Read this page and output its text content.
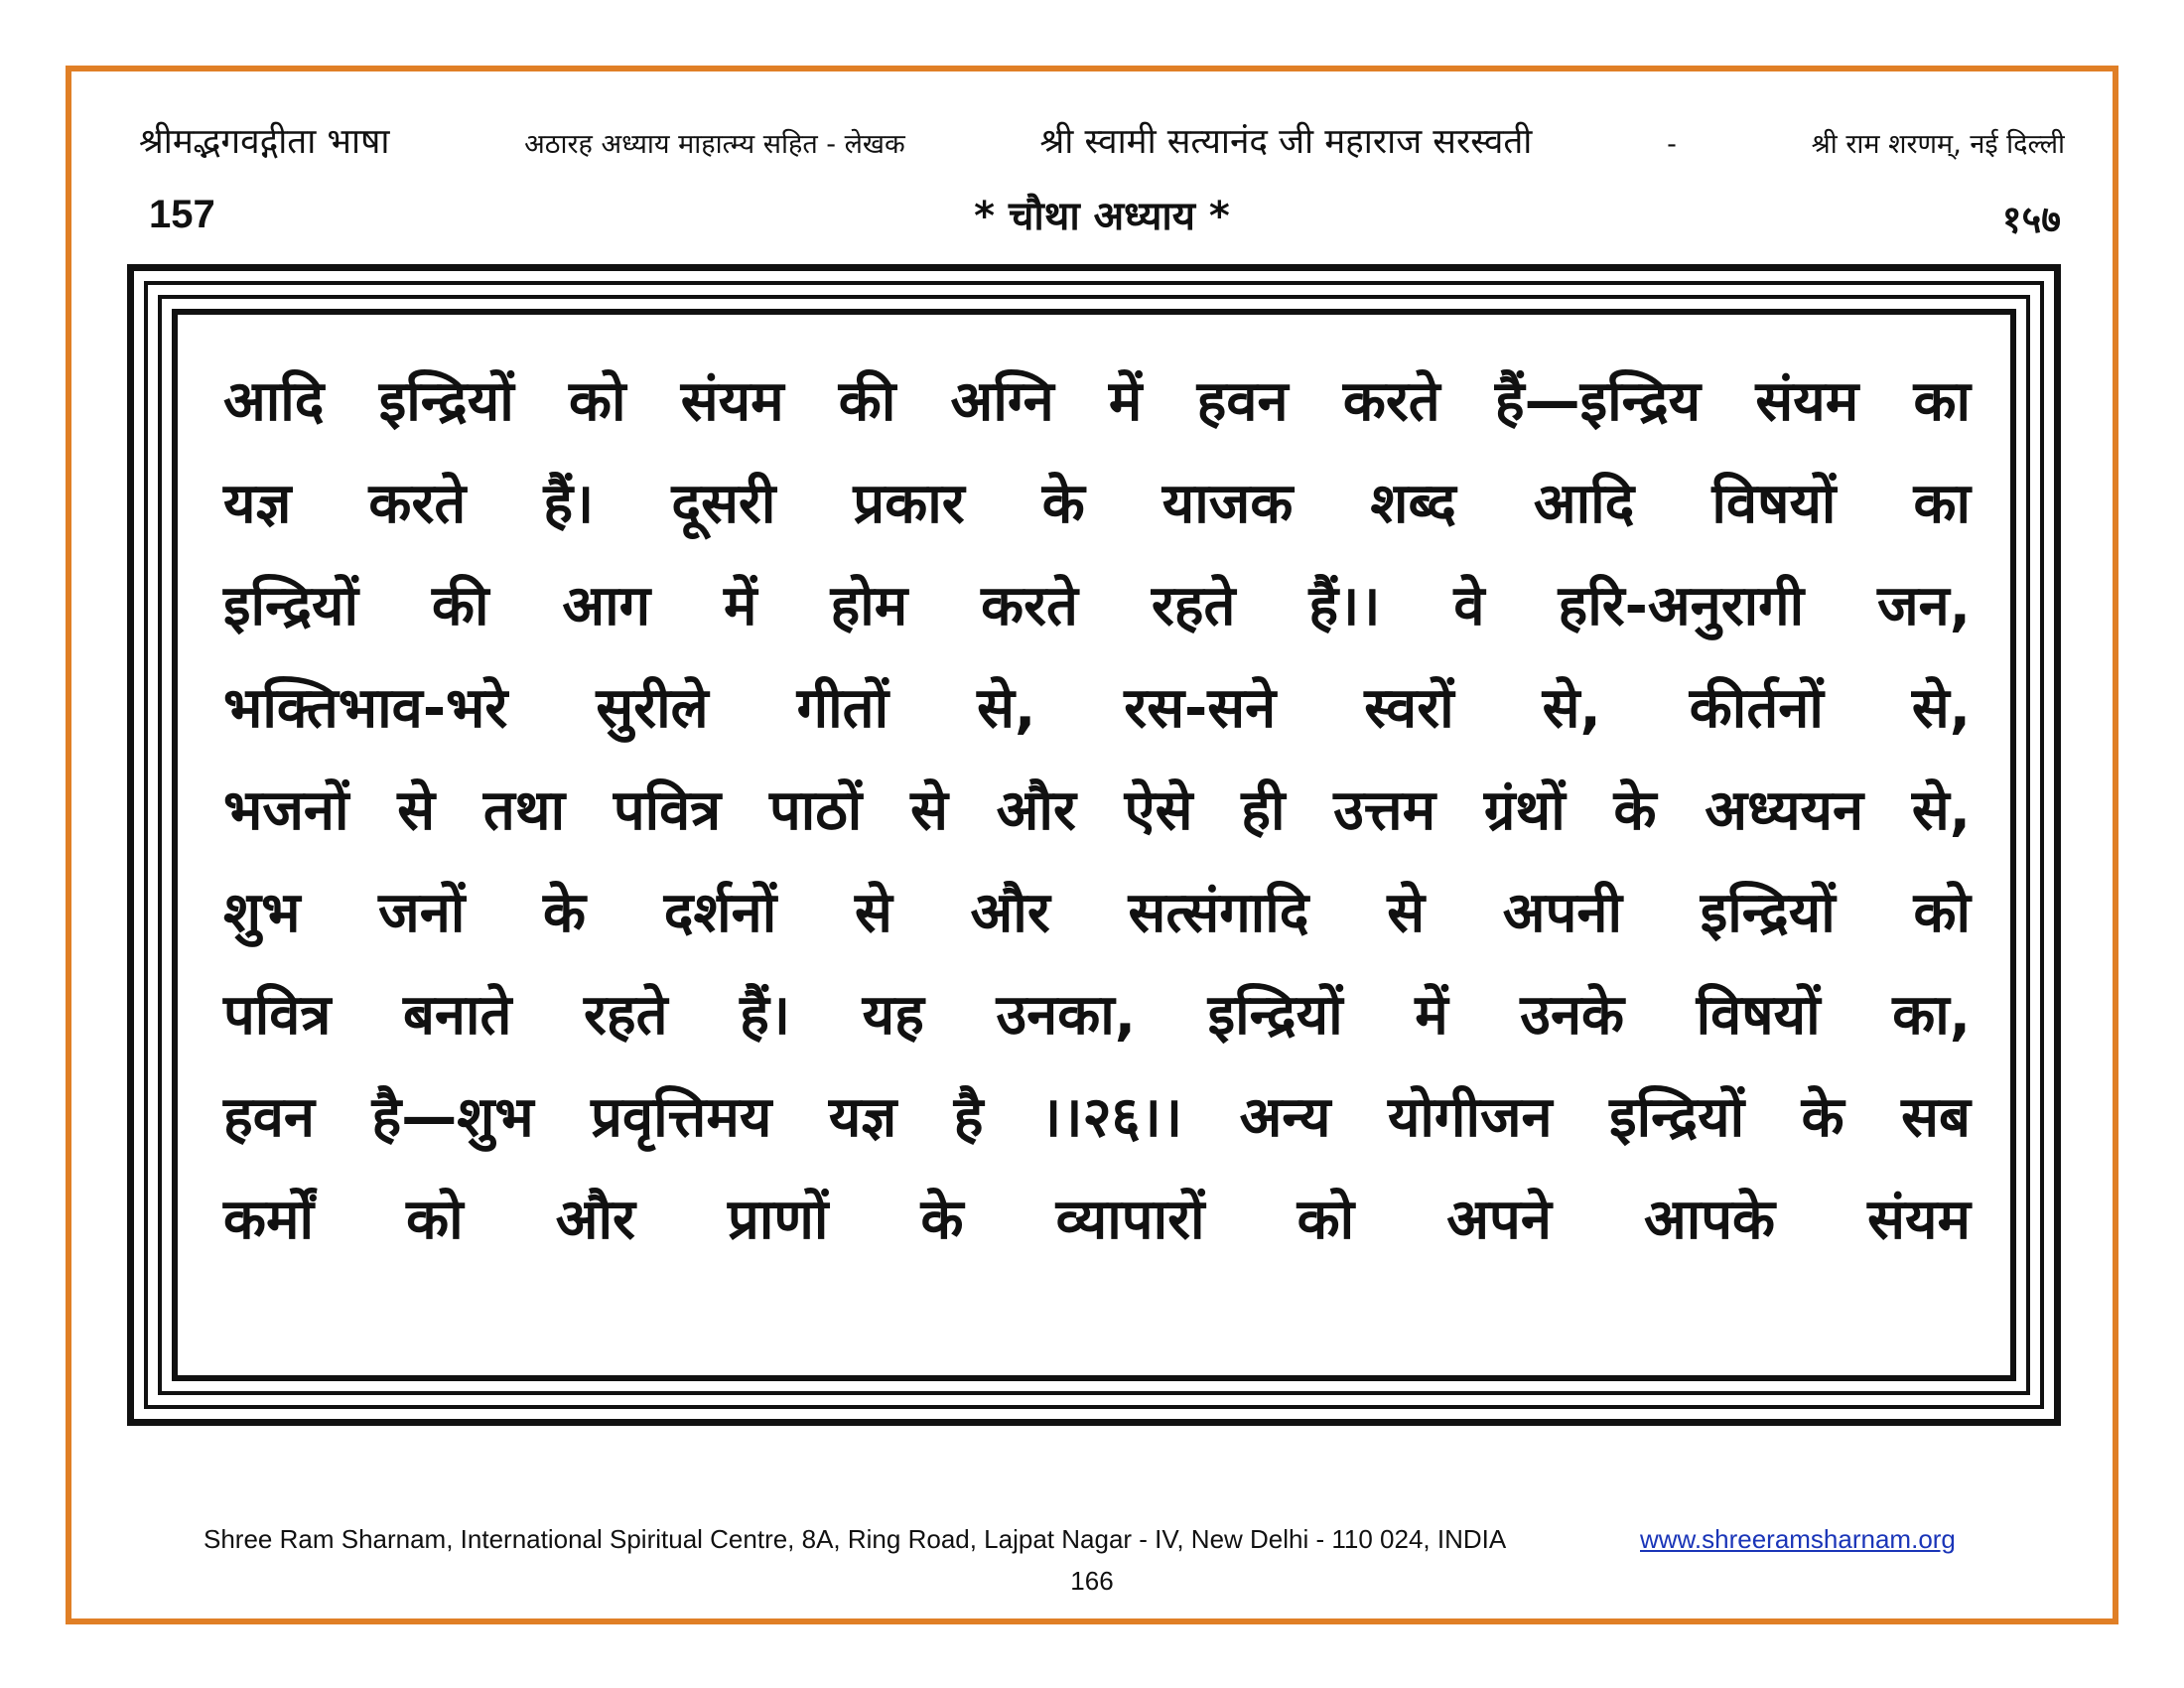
श्रीमद्भगवद्गीता भाषा	अठारह अध्याय माहात्म्य सहित - लेखक	श्री स्वामी सत्यानंद जी महाराज सरस्वती	-	श्री राम शरणम्, नई दिल्ली
157	* चौथा अध्याय *	१५७
आदि इन्द्रियों को संयम की अग्नि में हवन करते हैं—इन्द्रिय संयम का
यज्ञ करते हैं। दूसरी प्रकार के याजक शब्द आदि विषयों का
इन्द्रियों की आग में होम करते रहते हैं।। वे हरि-अनुरागी जन,
भक्तिभाव-भरे सुरीले गीतों से, रस-सने स्वरों से, कीर्तनों से,
भजनों से तथा पवित्र पाठों से और ऐसे ही उत्तम ग्रंथों के अध्ययन से,
शुभ जनों के दर्शनों से और सत्संगादि से अपनी इन्द्रियों को
पवित्र बनाते रहते हैं। यह उनका, इन्द्रियों में उनके विषयों का,
हवन है—शुभ प्रवृत्तिमय यज्ञ है ।।२६।। अन्य योगीजन इन्द्रियों के सब
कर्मों को और प्राणों के व्यापारों को अपने आपके संयम
Shree Ram Sharnam, International Spiritual Centre, 8A, Ring Road, Lajpat Nagar - IV, New Delhi - 110 024, INDIA	www.shreeramsharnam.org
166
